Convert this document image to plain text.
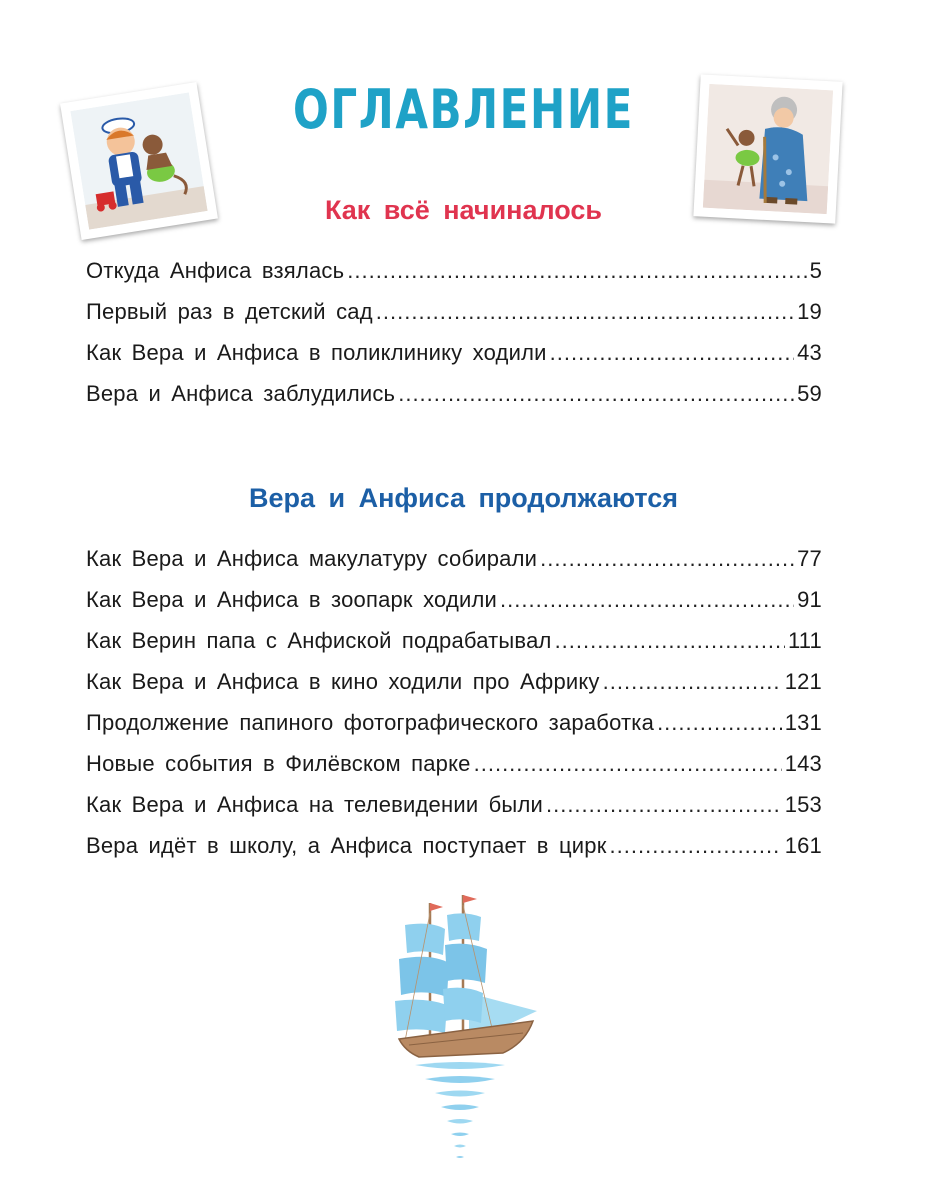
ОГЛАВЛЕНИЕ
Как всё начиналось
Откуда Анфиса взялась .....	5
Первый раз в детский сад .....	19
Как Вера и Анфиса в поликлинику ходили .....	43
Вера и Анфиса заблудились .....	59
Вера и Анфиса продолжаются
Как Вера и Анфиса макулатуру собирали .....	77
Как Вера и Анфиса в зоопарк ходили .....	91
Как Верин папа с Анфиской подрабатывал .....	111
Как Вера и Анфиса в кино ходили про Африку .....	121
Продолжение папиного фотографического заработка .....	131
Новые события в Филёвском парке .....	143
Как Вера и Анфиса на телевидении были .....	153
Вера идёт в школу, а Анфиса поступает в цирк .....	161
